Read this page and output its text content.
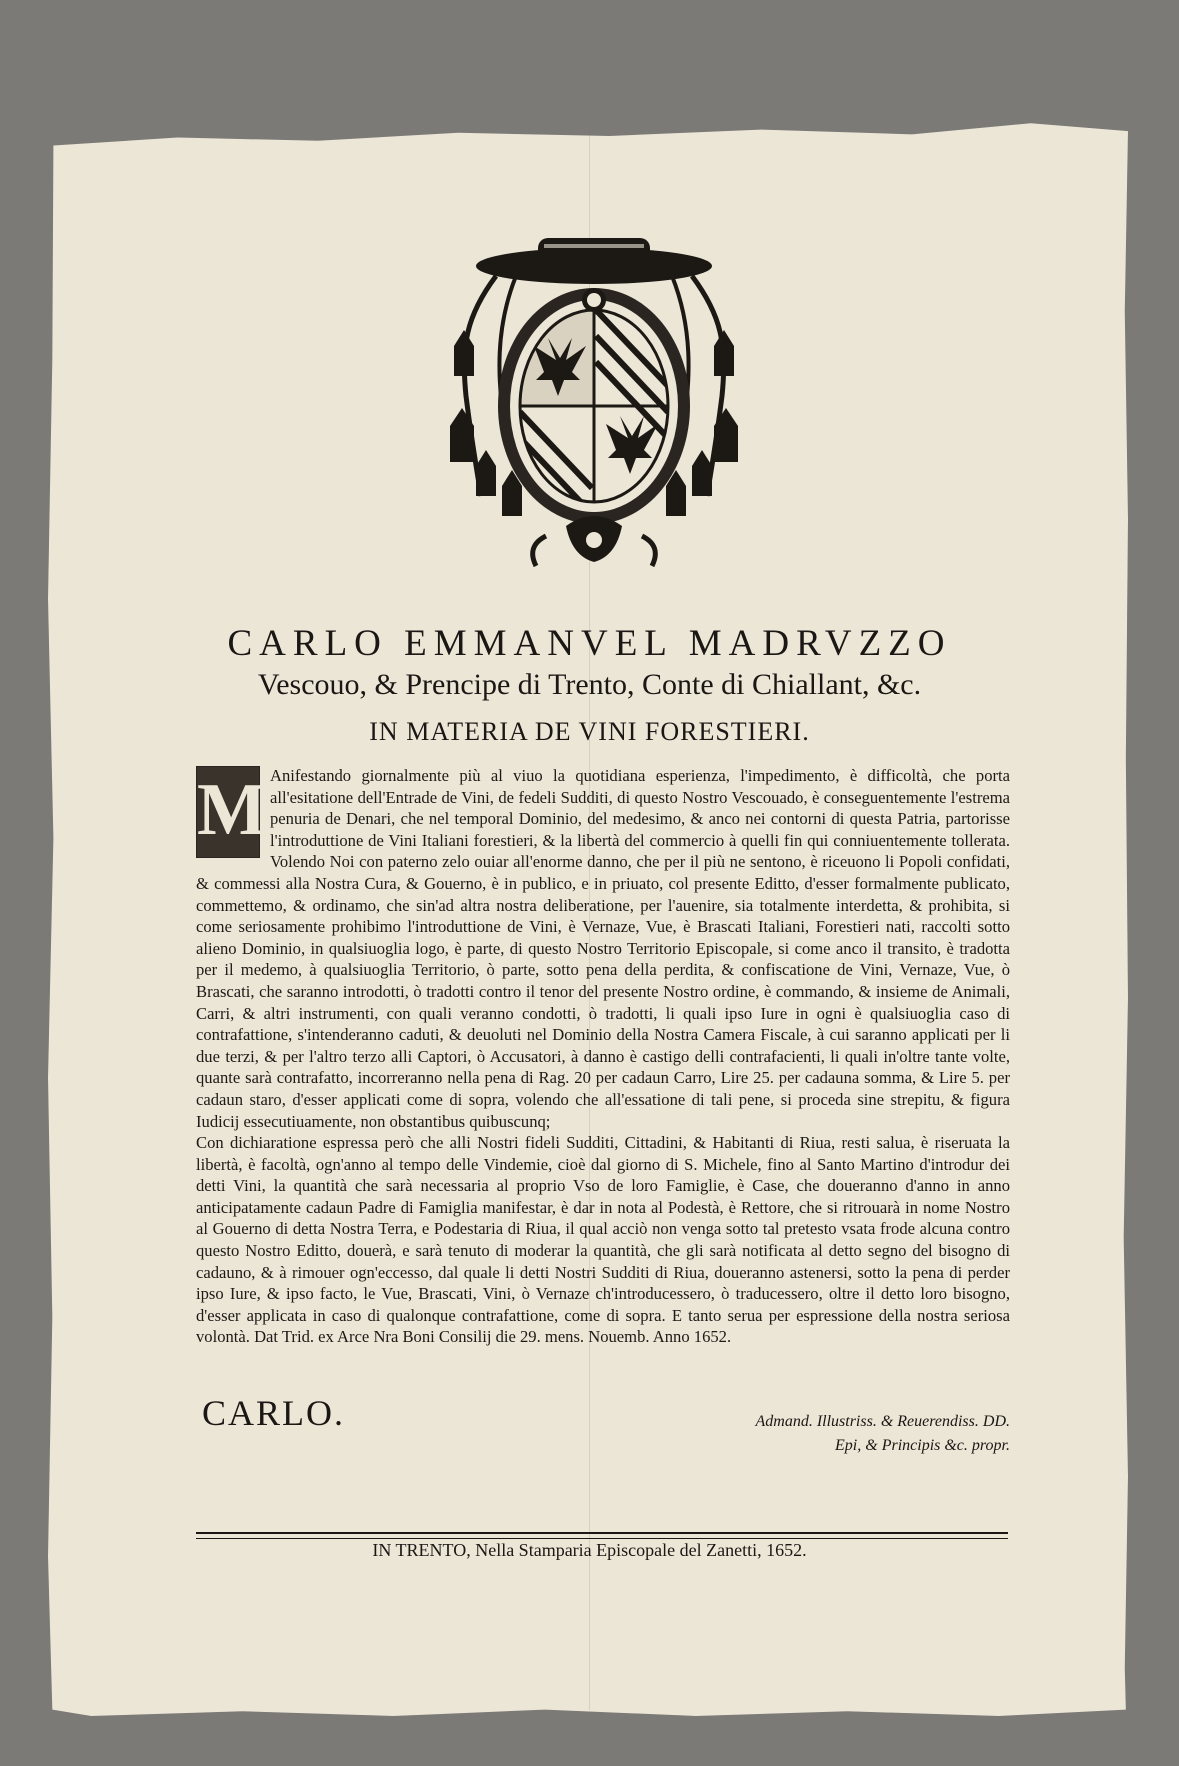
CARLO EMMANVEL MADRVZZO
Vescouo, & Prencipe di Trento, Conte di Chiallant, &c.
IN MATERIA DE VINI FORESTIERI.
M Anifestando giornalmente più al viuo la quotidiana esperienza, l'impedimento, è difficoltà, che porta all'esitatione dell'Entrade de Vini, de fedeli Sudditi, di questo Nostro Vescouado, è conseguentemente l'estrema penuria de Denari, che nel temporal Dominio, del medesimo, & anco nei contorni di questa Patria, partorisse l'introduttione de Vini Italiani forestieri, & la libertà del commercio à quelli fin qui conniuentemente tollerata. Volendo Noi con paterno zelo ouiar all'enorme danno, che per il più ne sentono, è riceuono li Popoli confidati, & commessi alla Nostra Cura, & Gouerno, è in publico, e in priuato, col presente Editto, d'esser formalmente publicato, commettemo, & ordinamo, che sin'ad altra nostra deliberatione, per l'auenire, sia totalmente interdetta, & prohibita, si come seriosamente prohibimo l'introduttione de Vini, è Vernaze, Vue, è Brascati Italiani, Forestieri nati, raccolti sotto alieno Dominio, in qualsiuoglia logo, è parte, di questo Nostro Territorio Episcopale, si come anco il transito, è tradotta per il medemo, à qualsiuoglia Territorio, ò parte, sotto pena della perdita, & confiscatione de Vini, Vernaze, Vue, ò Brascati, che saranno introdotti, ò tradotti contro il tenor del presente Nostro ordine, è commando, & insieme de Animali, Carri, & altri instrumenti, con quali veranno condotti, ò tradotti, li quali ipso Iure in ogni è qualsiuoglia caso di contrafattione, s'intenderanno caduti, & deuoluti nel Dominio della Nostra Camera Fiscale, à cui saranno applicati per li due terzi, & per l'altro terzo alli Captori, ò Accusatori, à danno è castigo delli contrafacienti, li quali in'oltre tante volte, quante sarà contrafatto, incorreranno nella pena di Rag. 20 per cadaun Carro, Lire 25. per cadauna somma, & Lire 5. per cadaun staro, d'esser applicati come di sopra, volendo che all'essatione di tali pene, si proceda sine strepitu, & figura Iudicij essecutiuamente, non obstantibus quibuscunq;

Con dichiaratione espressa però che alli Nostri fideli Sudditi, Cittadini, & Habitanti di Riua, resti salua, è riseruata la libertà, è facoltà, ogn'anno al tempo delle Vindemie, cioè dal giorno di S. Michele, fino al Santo Martino d'introdur dei detti Vini, la quantità che sarà necessaria al proprio Vso de loro Famiglie, è Case, che doueranno d'anno in anno anticipatamente cadaun Padre di Famiglia manifestar, è dar in nota al Podestà, è Rettore, che si ritrouarà in nome Nostro al Gouerno di detta Nostra Terra, e Podestaria di Riua, il qual acciò non venga sotto tal pretesto vsata frode alcuna contro questo Nostro Editto, douerà, e sarà tenuto di moderar la quantità, che gli sarà notificata al detto segno del bisogno di cadauno, & à rimouer ogn'eccesso, dal quale li detti Nostri Sudditi di Riua, doueranno astenersi, sotto la pena di perder ipso Iure, & ipso facto, le Vue, Brascati, Vini, ò Vernaze ch'introducessero, ò traducessero, oltre il detto loro bisogno, d'esser applicata in caso di qualonque contrafattione, come di sopra. E tanto serua per espressione della nostra seriosa volontà. Dat Trid. ex Arce Nra Boni Consilij die 29. mens. Nouemb. Anno 1652.

CARLO.	Admand. Illustriss. & Reuerendiss. DD.
Epi, & Principis &c. propr.
IN TRENTO, Nella Stamparia Episcopale del Zanetti, 1652.
